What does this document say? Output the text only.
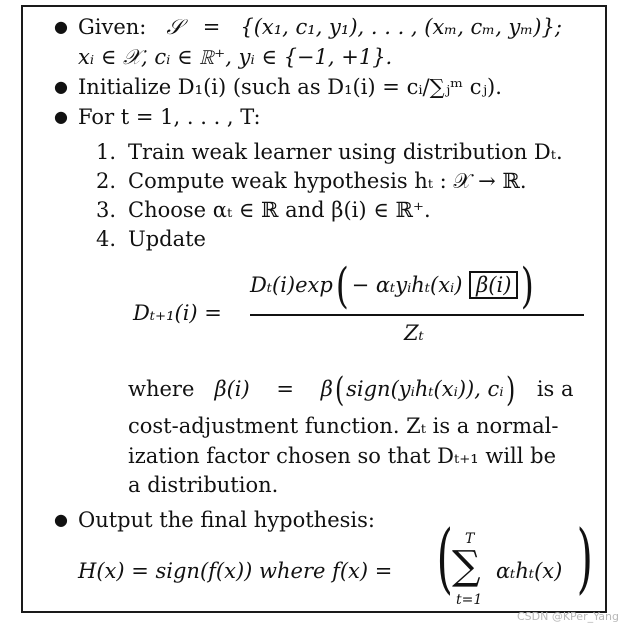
● Given: 𝒮 = {(x₁, c₁, y₁), . . . , (xₘ, cₘ, yₘ)};
xᵢ ∈ 𝒳, cᵢ ∈ ℝ⁺, yᵢ ∈ {−1, +1}.
● Initialize D₁(i) (such as D₁(i) = cᵢ/∑ⱼᵐ cⱼ).
● For t = 1, . . . , T:
1. Train weak learner using distribution Dₜ.
2. Compute weak hypothesis hₜ : 𝒳 → ℝ.
3. Choose αₜ ∈ ℝ and β(i) ∈ ℝ⁺.
4. Update
Dₜ₊₁(i) =
Dₜ(i)exp( − αₜyᵢhₜ(xᵢ) β(i) )
Zₜ
where β(i) = β(sign(yᵢhₜ(xᵢ)), cᵢ) is a
cost-adjustment function. Zₜ is a normal-
ization factor chosen so that Dₜ₊₁ will be
a distribution.
● Output the final hypothesis:
H(x) = sign(f(x)) where f(x) = ( T
∑
t=1
αₜhₜ(x) )
CSDN @KPer_Yang
